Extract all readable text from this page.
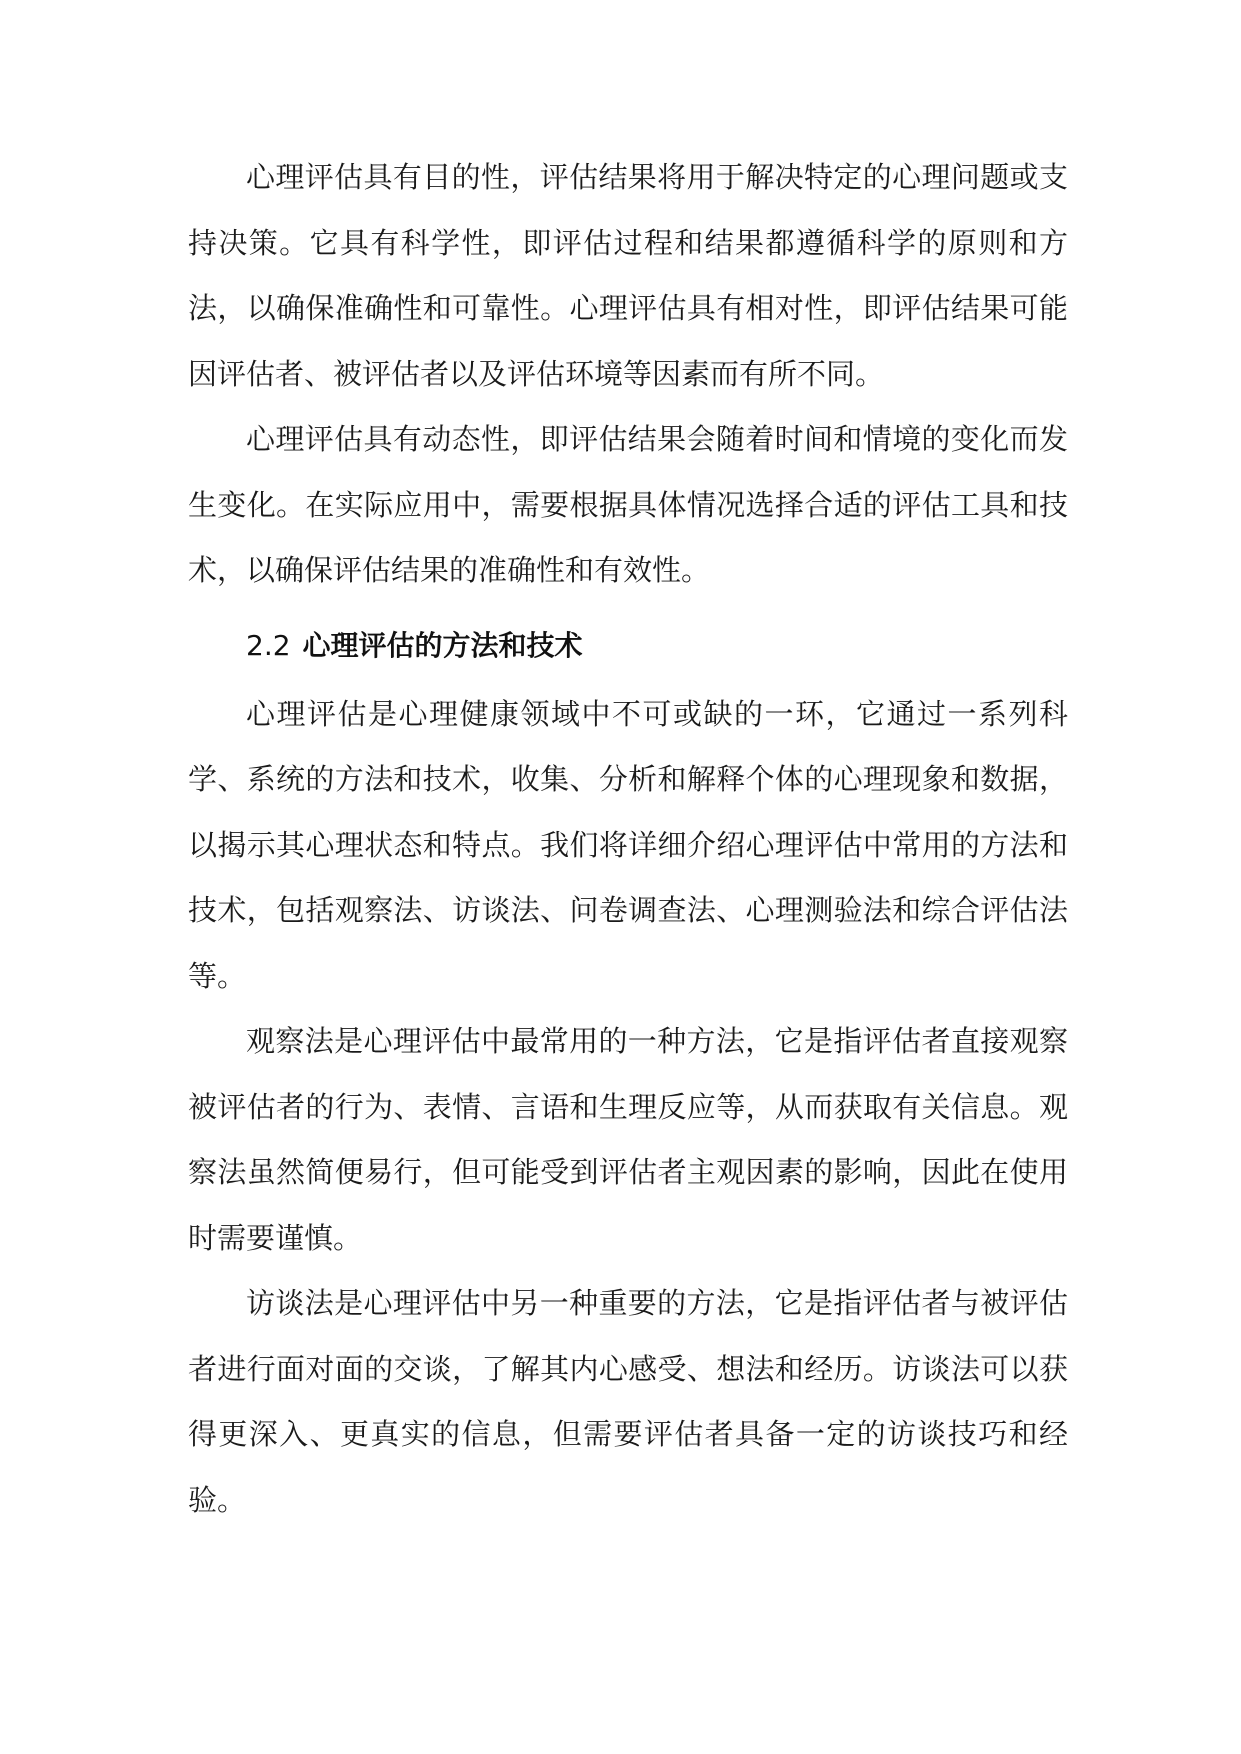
心理评估具有目的性，评估结果将用于解决特定的心理问题或支持决策。它具有科学性，即评估过程和结果都遵循科学的原则和方法，以确保准确性和可靠性。心理评估具有相对性，即评估结果可能因评估者、被评估者以及评估环境等因素而有所不同。

心理评估具有动态性，即评估结果会随着时间和情境的变化而发生变化。在实际应用中，需要根据具体情况选择合适的评估工具和技术，以确保评估结果的准确性和有效性。

2.2 心理评估的方法和技术

心理评估是心理健康领域中不可或缺的一环，它通过一系列科学、系统的方法和技术，收集、分析和解释个体的心理现象和数据，以揭示其心理状态和特点。我们将详细介绍心理评估中常用的方法和技术，包括观察法、访谈法、问卷调查法、心理测验法和综合评估法等。

观察法是心理评估中最常用的一种方法，它是指评估者直接观察被评估者的行为、表情、言语和生理反应等，从而获取有关信息。观察法虽然简便易行，但可能受到评估者主观因素的影响，因此在使用时需要谨慎。

访谈法是心理评估中另一种重要的方法，它是指评估者与被评估者进行面对面的交谈，了解其内心感受、想法和经历。访谈法可以获得更深入、更真实的信息，但需要评估者具备一定的访谈技巧和经验。
